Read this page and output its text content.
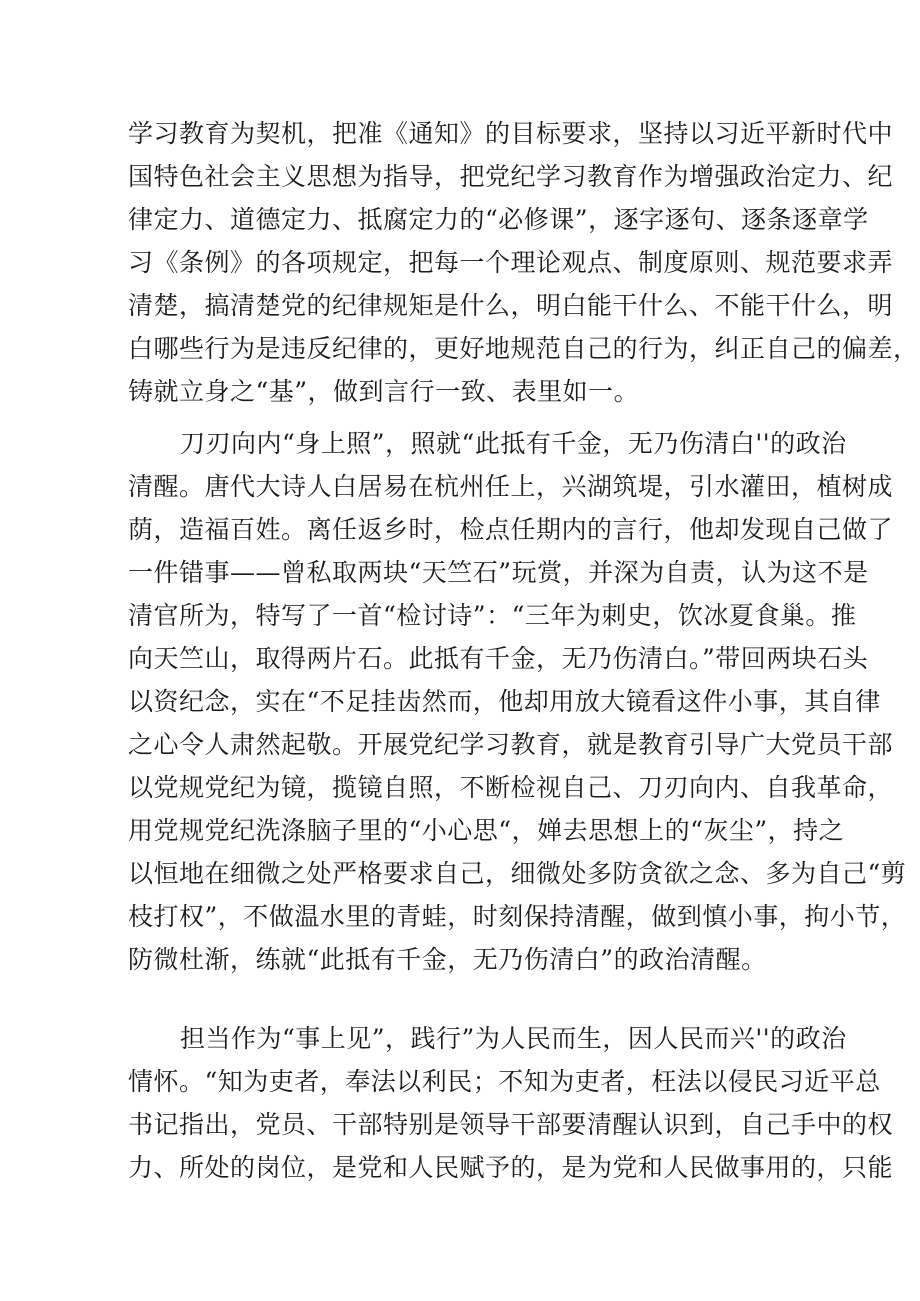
学习教育为契机，把准《通知》的目标要求，坚持以习近平新时代中
国特色社会主义思想为指导，把党纪学习教育作为增强政治定力、纪
律定力、道德定力、抵腐定力的“必修课”，逐字逐句、逐条逐章学
习《条例》的各项规定，把每一个理论观点、制度原则、规范要求弄
清楚，搞清楚党的纪律规矩是什么，明白能干什么、不能干什么，明
白哪些行为是违反纪律的，更好地规范自己的行为，纠正自己的偏差，
铸就立身之“基”，做到言行一致、表里如一。
刀刃向内“身上照”，照就“此抵有千金，无乃伤清白''的政治
清醒。唐代大诗人白居易在杭州任上，兴湖筑堤，引水灌田，植树成
荫，造福百姓。离任返乡时，检点任期内的言行，他却发现自己做了
一件错事——曾私取两块“天竺石”玩赏，并深为自责，认为这不是
清官所为，特写了一首“检讨诗”：“三年为刺史，饮冰夏食巢。推
向天竺山，取得两片石。此抵有千金，无乃伤清白。”带回两块石头
以资纪念，实在“不足挂齿然而，他却用放大镜看这件小事，其自律
之心令人肃然起敬。开展党纪学习教育，就是教育引导广大党员干部
以党规党纪为镜，揽镜自照，不断检视自己、刀刃向内、自我革命，
用党规党纪洗涤脑子里的“小心思“，婵去思想上的“灰尘”，持之
以恒地在细微之处严格要求自己，细微处多防贪欲之念、多为自己“剪
枝打权”，不做温水里的青蛙，时刻保持清醒，做到慎小事，拘小节，
防微杜渐，练就“此抵有千金，无乃伤清白”的政治清醒。
担当作为“事上见”，践行”为人民而生，因人民而兴''的政治
情怀。“知为吏者，奉法以利民；不知为吏者，枉法以侵民习近平总
书记指出，党员、干部特别是领导干部要清醒认识到，自己手中的权
力、所处的岗位，是党和人民赋予的，是为党和人民做事用的，只能
